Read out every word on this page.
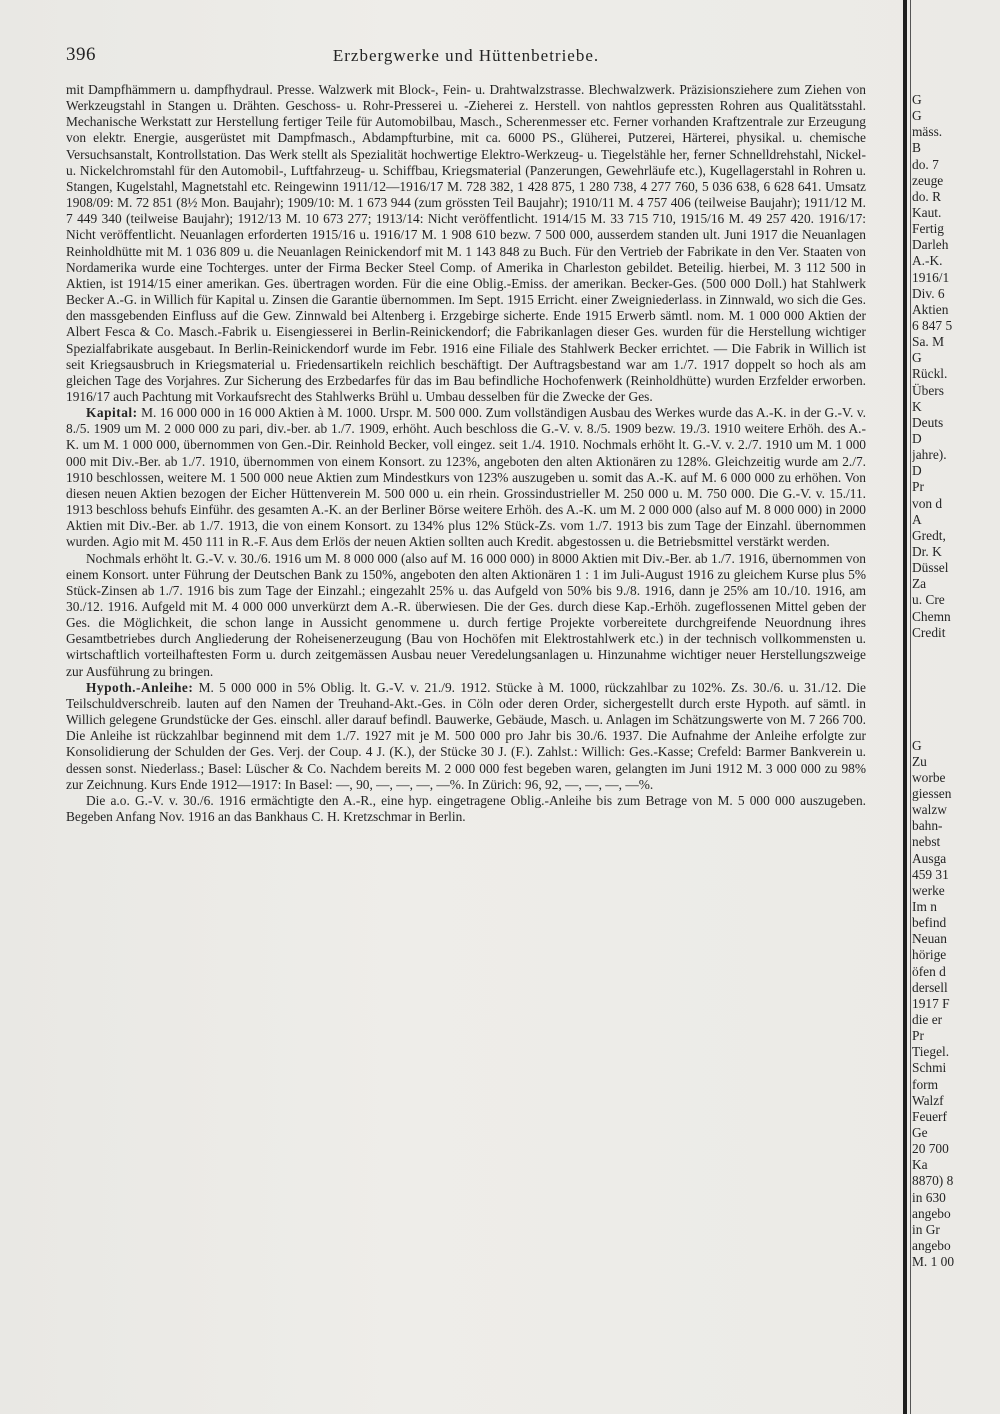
396	Erzbergwerke und Hüttenbetriebe.

mit Dampfhämmern u. dampfhydraul. Presse. Walzwerk mit Block-, Fein- u. Drahtwalzstrasse. Blechwalzwerk. Präzisionsziehere zum Ziehen von Werkzeugstahl in Stangen u. Drähten. Geschoss- u. Rohr-Presserei u. -Zieherei z. Herstell. von nahtlos gepressten Rohren aus Qualitätsstahl. Mechanische Werkstatt zur Herstellung fertiger Teile für Automobilbau, Masch., Scherenmesser etc. Ferner vorhanden Kraftzentrale zur Erzeugung von elektr. Energie, ausgerüstet mit Dampfmasch., Abdampfturbine, mit ca. 6000 PS., Glüherei, Putzerei, Härterei, physikal. u. chemische Versuchsanstalt, Kontrollstation. Das Werk stellt als Spezialität hochwertige Elektro-Werkzeug- u. Tiegelstähle her, ferner Schnelldrehstahl, Nickel- u. Nickelchromstahl für den Automobil-, Luftfahrzeug- u. Schiffbau, Kriegsmaterial (Panzerungen, Gewehrläufe etc.), Kugellagerstahl in Rohren u. Stangen, Kugelstahl, Magnetstahl etc. Reingewinn 1911/12—1916/17 M. 728 382, 1 428 875, 1 280 738, 4 277 760, 5 036 638, 6 628 641. Umsatz 1908/09: M. 72 851 (8½ Mon. Baujahr); 1909/10: M. 1 673 944 (zum grössten Teil Baujahr); 1910/11 M. 4 757 406 (teilweise Baujahr); 1911/12 M. 7 449 340 (teilweise Baujahr); 1912/13 M. 10 673 277; 1913/14: Nicht veröffentlicht. 1914/15 M. 33 715 710, 1915/16 M. 49 257 420. 1916/17: Nicht veröffentlicht. Neuanlagen erforderten 1915/16 u. 1916/17 M. 1 908 610 bezw. 7 500 000, ausserdem standen ult. Juni 1917 die Neuanlagen Reinholdhütte mit M. 1 036 809 u. die Neuanlagen Reinickendorf mit M. 1 143 848 zu Buch. Für den Vertrieb der Fabrikate in den Ver. Staaten von Nordamerika wurde eine Tochterges. unter der Firma Becker Steel Comp. of Amerika in Charleston gebildet. Beteilig. hierbei, M. 3 112 500 in Aktien, ist 1914/15 einer amerikan. Ges. übertragen worden. Für die eine Oblig.-Emiss. der amerikan. Becker-Ges. (500 000 Doll.) hat Stahlwerk Becker A.-G. in Willich für Kapital u. Zinsen die Garantie übernommen. Im Sept. 1915 Erricht. einer Zweigniederlass. in Zinnwald, wo sich die Ges. den massgebenden Einfluss auf die Gew. Zinnwald bei Altenberg i. Erzgebirge sicherte. Ende 1915 Erwerb sämtl. nom. M. 1 000 000 Aktien der Albert Fesca & Co. Masch.-Fabrik u. Eisengiesserei in Berlin-Reinickendorf; die Fabrikanlagen dieser Ges. wurden für die Herstellung wichtiger Spezialfabrikate ausgebaut. In Berlin-Reinickendorf wurde im Febr. 1916 eine Filiale des Stahlwerk Becker errichtet. — Die Fabrik in Willich ist seit Kriegsausbruch in Kriegsmaterial u. Friedensartikeln reichlich beschäftigt. Der Auftragsbestand war am 1./7. 1917 doppelt so hoch als am gleichen Tage des Vorjahres. Zur Sicherung des Erzbedarfes für das im Bau befindliche Hochofenwerk (Reinholdhütte) wurden Erzfelder erworben. 1916/17 auch Pachtung mit Vorkaufsrecht des Stahlwerks Brühl u. Umbau desselben für die Zwecke der Ges.

Kapital: M. 16 000 000 in 16 000 Aktien à M. 1000. Urspr. M. 500 000. Zum vollständigen Ausbau des Werkes wurde das A.-K. in der G.-V. v. 8./5. 1909 um M. 2 000 000 zu pari, div.-ber. ab 1./7. 1909, erhöht. Auch beschloss die G.-V. v. 8./5. 1909 bezw. 19./3. 1910 weitere Erhöh. des A.-K. um M. 1 000 000, übernommen von Gen.-Dir. Reinhold Becker, voll eingez. seit 1./4. 1910. Nochmals erhöht lt. G.-V. v. 2./7. 1910 um M. 1 000 000 mit Div.-Ber. ab 1./7. 1910, übernommen von einem Konsort. zu 123%, angeboten den alten Aktionären zu 128%. Gleichzeitig wurde am 2./7. 1910 beschlossen, weitere M. 1 500 000 neue Aktien zum Mindestkurs von 123% auszugeben u. somit das A.-K. auf M. 6 000 000 zu erhöhen. Von diesen neuen Aktien bezogen der Eicher Hüttenverein M. 500 000 u. ein rhein. Grossindustrieller M. 250 000 u. M. 750 000. Die G.-V. v. 15./11. 1913 beschloss behufs Einführ. des gesamten A.-K. an der Berliner Börse weitere Erhöh. des A.-K. um M. 2 000 000 (also auf M. 8 000 000) in 2000 Aktien mit Div.-Ber. ab 1./7. 1913, die von einem Konsort. zu 134% plus 12% Stück-Zs. vom 1./7. 1913 bis zum Tage der Einzahl. übernommen wurden. Agio mit M. 450 111 in R.-F. Aus dem Erlös der neuen Aktien sollten auch Kredit. abgestossen u. die Betriebsmittel verstärkt werden.

Nochmals erhöht lt. G.-V. v. 30./6. 1916 um M. 8 000 000 (also auf M. 16 000 000) in 8000 Aktien mit Div.-Ber. ab 1./7. 1916, übernommen von einem Konsort. unter Führung der Deutschen Bank zu 150%, angeboten den alten Aktionären 1 : 1 im Juli-August 1916 zu gleichem Kurse plus 5% Stück-Zinsen ab 1./7. 1916 bis zum Tage der Einzahl.; eingezahlt 25% u. das Aufgeld von 50% bis 9./8. 1916, dann je 25% am 10./10. 1916, am 30./12. 1916. Aufgeld mit M. 4 000 000 unverkürzt dem A.-R. überwiesen. Die der Ges. durch diese Kap.-Erhöh. zugeflossenen Mittel geben der Ges. die Möglichkeit, die schon lange in Aussicht genommene u. durch fertige Projekte vorbereitete durchgreifende Neuordnung ihres Gesamtbetriebes durch Angliederung der Roheisenerzeugung (Bau von Hochöfen mit Elektrostahlwerk etc.) in der technisch vollkommensten u. wirtschaftlich vorteilhaftesten Form u. durch zeitgemässen Ausbau neuer Veredelungsanlagen u. Hinzunahme wichtiger neuer Herstellungszweige zur Ausführung zu bringen.

Hypoth.-Anleihe: M. 5 000 000 in 5% Oblig. lt. G.-V. v. 21./9. 1912. Stücke à M. 1000, rückzahlbar zu 102%. Zs. 30./6. u. 31./12. Die Teilschuldverschreib. lauten auf den Namen der Treuhand-Akt.-Ges. in Cöln oder deren Order, sichergestellt durch erste Hypoth. auf sämtl. in Willich gelegene Grundstücke der Ges. einschl. aller darauf befindl. Bauwerke, Gebäude, Masch. u. Anlagen im Schätzungswerte von M. 7 266 700. Die Anleihe ist rückzahlbar beginnend mit dem 1./7. 1927 mit je M. 500 000 pro Jahr bis 30./6. 1937. Die Aufnahme der Anleihe erfolgte zur Konsolidierung der Schulden der Ges. Verj. der Coup. 4 J. (K.), der Stücke 30 J. (F.). Zahlst.: Willich: Ges.-Kasse; Crefeld: Barmer Bankverein u. dessen sonst. Niederlass.; Basel: Lüscher & Co. Nachdem bereits M. 2 000 000 fest begeben waren, gelangten im Juni 1912 M. 3 000 000 zu 98% zur Zeichnung. Kurs Ende 1912—1917: In Basel: —, 90, —, —, —, —%. In Zürich: 96, 92, —, —, —, —%.

Die a.o. G.-V. v. 30./6. 1916 ermächtigte den A.-R., eine hyp. eingetragene Oblig.-Anleihe bis zum Betrage von M. 5 000 000 auszugeben. Begeben Anfang Nov. 1916 an das Bankhaus C. H. Kretzschmar in Berlin.

G
G
mäss.
B
do. 7
zeuge
do. R
Kaut.
Fertig
Darleh
A.-K.
1916/1
Div. 6
Aktien
6 847 5
Sa. M
G
Rückl.
Übers
K
Deuts
D
jahre).
D
Pr
von d
A
Gredt,
Dr. K
Düssel
Za
u. Cre
Chemn
Credit
G
Zu
worbe
giessen
walzw
bahn-
nebst
Ausga
459 31
werke
Im n
befind
Neuan
hörige
öfen d
dersell
1917 F
die er
Pr
Tiegel.
Schmi
form
Walzf
Feuerf
Ge
20 700
Ka
8870) 8
in 630
angebo
in Gr
angebo
M. 1 00
